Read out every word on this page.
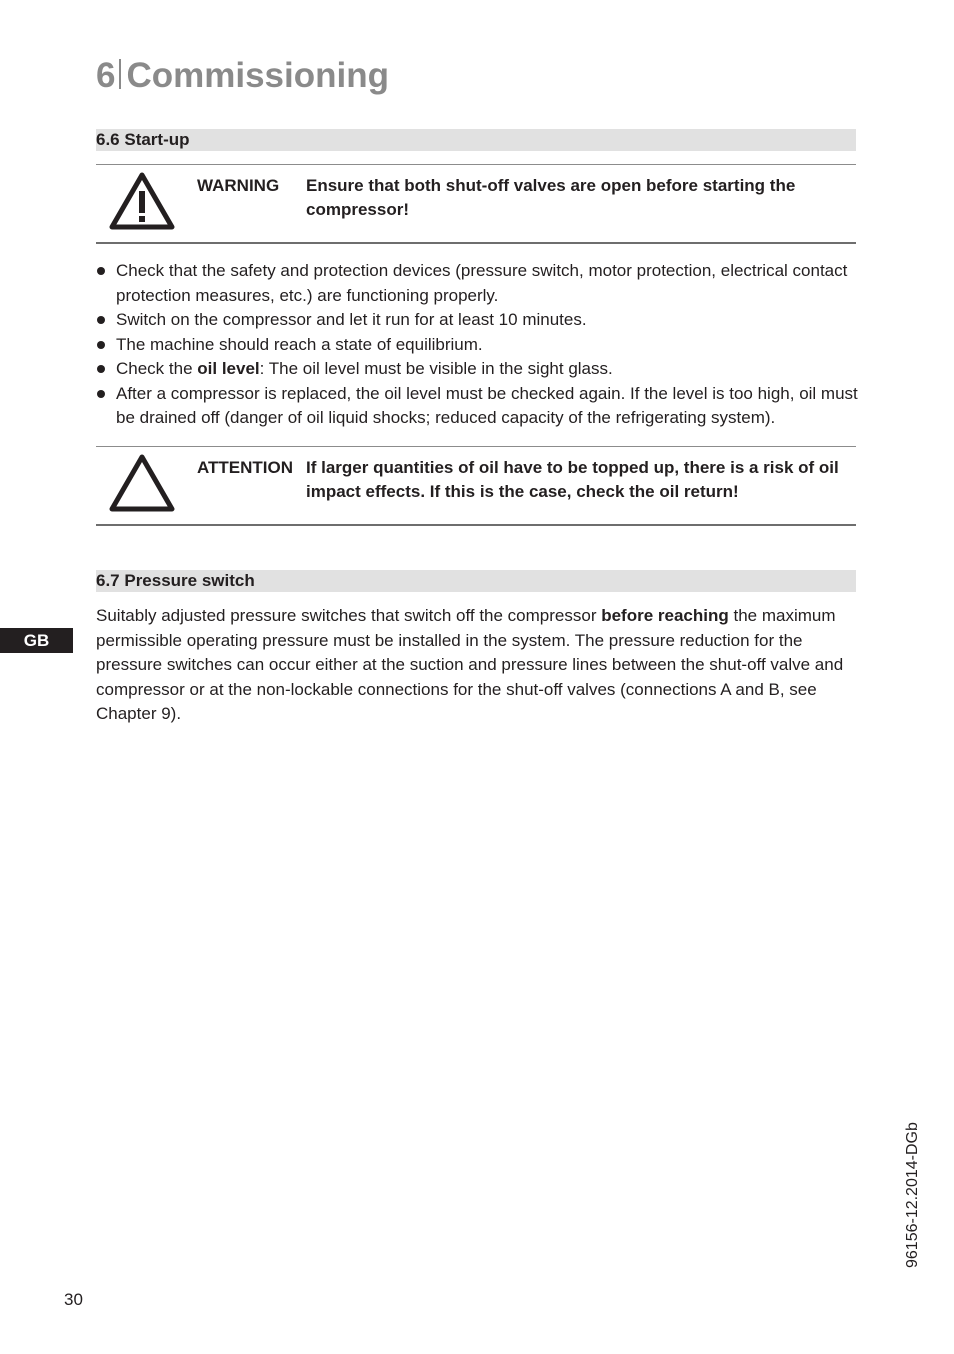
6 Commissioning
6.6 Start-up
WARNING Ensure that both shut-off valves are open before starting the compressor!
Check that the safety and protection devices (pressure switch, motor protection, electrical contact protection measures, etc.) are functioning properly.
Switch on the compressor and let it run for at least 10 minutes.
The machine should reach a state of equilibrium.
Check the oil level: The oil level must be visible in the sight glass.
After a compressor is replaced, the oil level must be checked again. If the level is too high, oil must be drained off (danger of oil liquid shocks; reduced capacity of the refrigerating system).
ATTENTION If larger quantities of oil have to be topped up, there is a risk of oil impact effects. If this is the case, check the oil return!
6.7 Pressure switch
Suitably adjusted pressure switches that switch off the compressor before reaching the maximum permissible operating pressure must be installed in the system. The pressure reduction for the pressure switches can occur either at the suction and pressure lines between the shut-off valve and compressor or at the non-lockable connections for the shut-off valves (connections A and B, see Chapter 9).
GB
30
96156-12.2014-DGb
